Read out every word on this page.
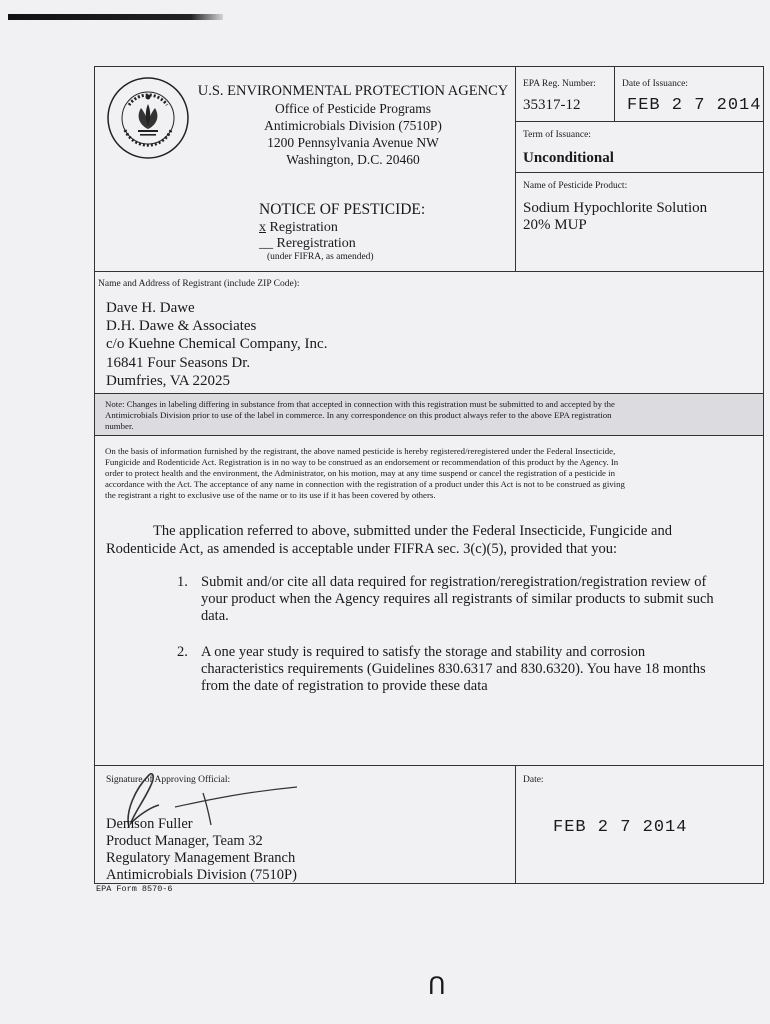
U.S. ENVIRONMENTAL PROTECTION AGENCY
Office of Pesticide Programs
Antimicrobials Division (7510P)
1200 Pennsylvania Avenue NW
Washington, D.C. 20460
EPA Reg. Number:
35317-12
Date of Issuance:
FEB 2 7 2014
Term of Issuance:
Unconditional
Name of Pesticide Product:
Sodium Hypochlorite Solution
20% MUP
NOTICE OF PESTICIDE:
x Registration
__ Reregistration
(under FIFRA, as amended)
Name and Address of Registrant (include ZIP Code):
Dave H. Dawe
D.H. Dawe & Associates
c/o Kuehne Chemical Company, Inc.
16841 Four Seasons Dr.
Dumfries, VA 22025
Note: Changes in labeling differing in substance from that accepted in connection with this registration must be submitted to and accepted by the
Antimicrobials Division prior to use of the label in commerce. In any correspondence on this product always refer to the above EPA registration
number.
On the basis of information furnished by the registrant, the above named pesticide is hereby registered/reregistered under the Federal Insecticide,
Fungicide and Rodenticide Act. Registration is in no way to be construed as an endorsement or recommendation of this product by the Agency. In
order to protect health and the environment, the Administrator, on his motion, may at any time suspend or cancel the registration of a pesticide in
accordance with the Act. The acceptance of any name in connection with the registration of a product under this Act is not to be construed as giving
the registrant a right to exclusive use of the name or to its use if it has been covered by others.
The application referred to above, submitted under the Federal Insecticide, Fungicide and
Rodenticide Act, as amended is acceptable under FIFRA sec. 3(c)(5), provided that you:
1. Submit and/or cite all data required for registration/reregistration/registration review of
your product when the Agency requires all registrants of similar products to submit such
data.
2. A one year study is required to satisfy the storage and stability and corrosion
characteristics requirements (Guidelines 830.6317 and 830.6320). You have 18 months
from the date of registration to provide these data
Signature of Approving Official:
Demson Fuller
Product Manager, Team 32
Regulatory Management Branch
Antimicrobials Division (7510P)
Date:
FEB 2 7 2014
EPA Form 8570-6
Ո
